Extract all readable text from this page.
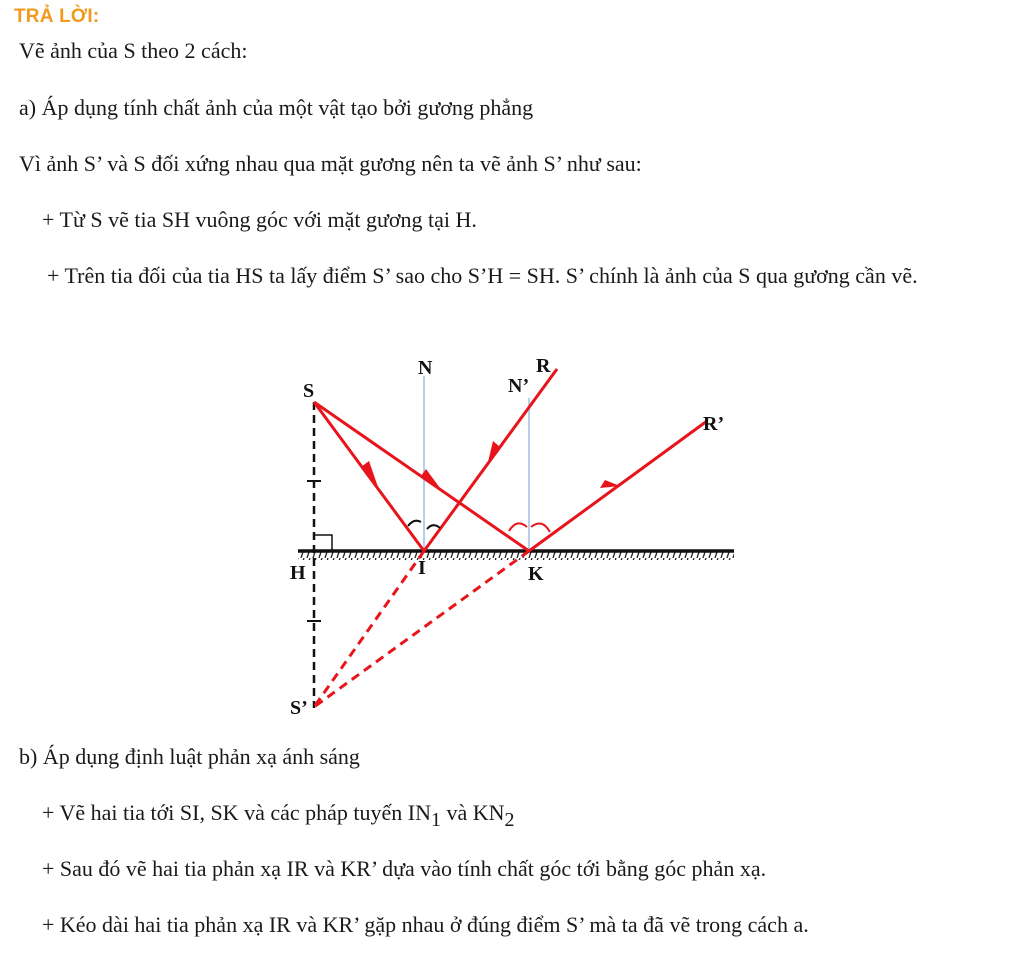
TRẢ LỜI:
Vẽ ảnh của S theo 2 cách:
a) Áp dụng tính chất ảnh của một vật tạo bởi gương phẳng
Vì ảnh S’ và S đối xứng nhau qua mặt gương nên ta vẽ ảnh S’ như sau:
+ Từ S vẽ tia SH vuông góc với mặt gương tại H.
+ Trên tia đối của tia HS ta lấy điểm S’ sao cho S’H = SH. S’ chính là ảnh của S qua gương cần vẽ.
S
N
N’
R
R’
H	I	K
S’
b) Áp dụng định luật phản xạ ánh sáng
+ Vẽ hai tia tới SI, SK và các pháp tuyến $IN_1$ và $KN_2$
+ Sau đó vẽ hai tia phản xạ IR và KR’ dựa vào tính chất góc tới bằng góc phản xạ.
+ Kéo dài hai tia phản xạ IR và KR’ gặp nhau ở đúng điểm S’ mà ta đã vẽ trong cách a.
